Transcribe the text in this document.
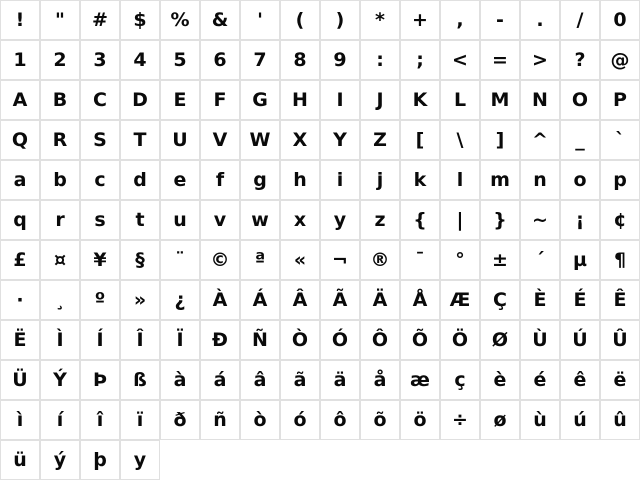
! " # $ % & ' ( ) * + , - . / 0
1 2 3 4 5 6 7 8 9 : ; < = > ? @
A B C D E F G H I J K L M N O P
Q R S T U V W X Y Z [ \ ] ^ _ `
a b c d e f g h i j k l m n o p
q r s t u v w x y z { | } ~ ¡ ¢
£ ¤ ¥ § ¨ © ª « ¬ ® ¯ ° ± ´ µ ¶
· ¸ º » ¿ À Á Â Ã Ä Å Æ Ç È É Ê
Ë Ì Í Î Ï Ð Ñ Ò Ó Ô Õ Ö Ø Ù Ú Û
Ü Ý Þ ß à á â ã ä å æ ç è é ê ë
ì í î ï ð ñ ò ó ô õ ö ÷ ø ù ú û
ü ý þ y
